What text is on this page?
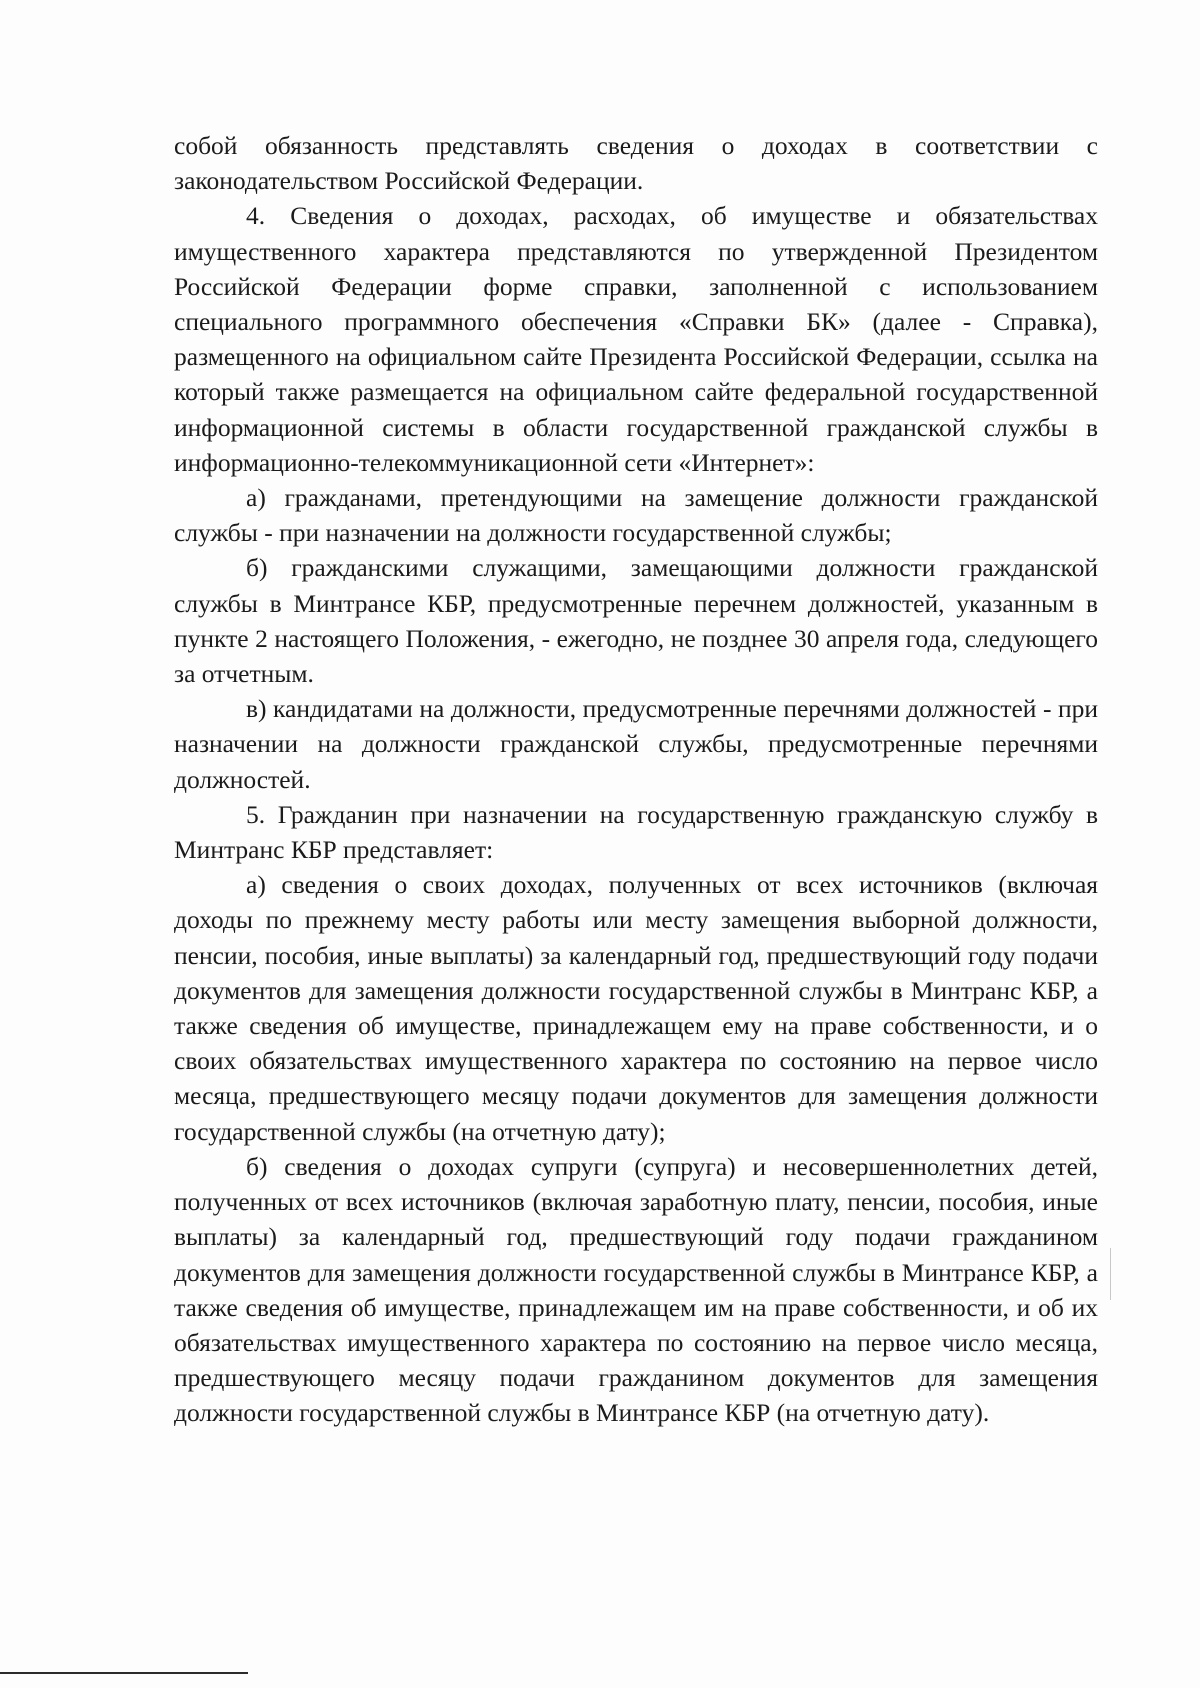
собой обязанность представлять сведения о доходах в соответствии с законодательством Российской Федерации.

4. Сведения о доходах, расходах, об имуществе и обязательствах имущественного характера представляются по утвержденной Президентом Российской Федерации форме справки, заполненной с использованием специального программного обеспечения «Справки БК» (далее - Справка), размещенного на официальном сайте Президента Российской Федерации, ссылка на который также размещается на официальном сайте федеральной государственной информационной системы в области государственной гражданской службы в информационно-телекоммуникационной сети «Интернет»:

а) гражданами, претендующими на замещение должности гражданской службы - при назначении на должности государственной службы;

б) гражданскими служащими, замещающими должности гражданской службы в Минтрансе КБР, предусмотренные перечнем должностей, указанным в пункте 2 настоящего Положения, - ежегодно, не позднее 30 апреля года, следующего за отчетным.

в) кандидатами на должности, предусмотренные перечнями должностей - при назначении на должности гражданской службы, предусмотренные перечнями должностей.

5. Гражданин при назначении на государственную гражданскую службу в Минтранс КБР представляет:

а) сведения о своих доходах, полученных от всех источников (включая доходы по прежнему месту работы или месту замещения выборной должности, пенсии, пособия, иные выплаты) за календарный год, предшествующий году подачи документов для замещения должности государственной службы в Минтранс КБР, а также сведения об имуществе, принадлежащем ему на праве собственности, и о своих обязательствах имущественного характера по состоянию на первое число месяца, предшествующего месяцу подачи документов для замещения должности государственной службы (на отчетную дату);

б) сведения о доходах супруги (супруга) и несовершеннолетних детей, полученных от всех источников (включая заработную плату, пенсии, пособия, иные выплаты) за календарный год, предшествующий году подачи гражданином документов для замещения должности государственной службы в Минтрансе КБР, а также сведения об имуществе, принадлежащем им на праве собственности, и об их обязательствах имущественного характера по состоянию на первое число месяца, предшествующего месяцу подачи гражданином документов для замещения должности государственной службы в Минтрансе КБР (на отчетную дату).
